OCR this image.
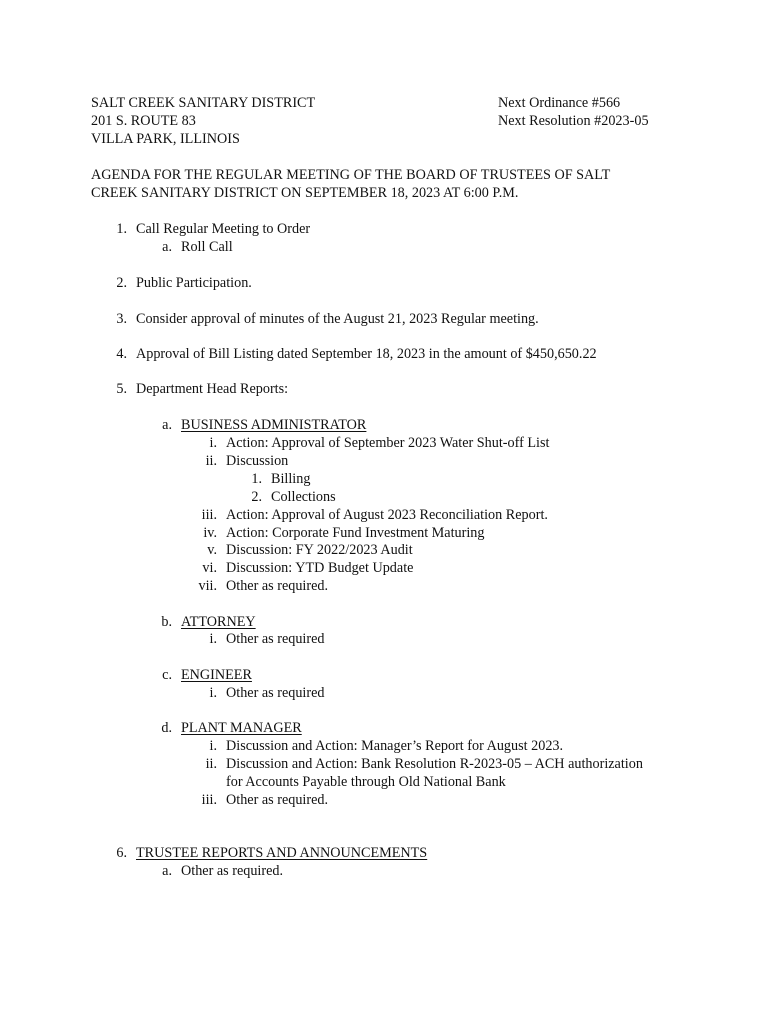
SALT CREEK SANITARY DISTRICT
201 S. ROUTE 83
VILLA PARK, ILLINOIS
Next Ordinance #566
Next Resolution #2023-05
AGENDA FOR THE REGULAR MEETING OF THE BOARD OF TRUSTEES OF SALT
CREEK SANITARY DISTRICT ON SEPTEMBER 18, 2023 AT 6:00 P.M.
1. Call Regular Meeting to Order
a. Roll Call
2. Public Participation.
3. Consider approval of minutes of the August 21, 2023 Regular meeting.
4. Approval of Bill Listing dated September 18, 2023 in the amount of $450,650.22
5. Department Head Reports:
a. BUSINESS ADMINISTRATOR
i. Action: Approval of September 2023 Water Shut-off List
ii. Discussion
1. Billing
2. Collections
iii. Action: Approval of August 2023 Reconciliation Report.
iv. Action: Corporate Fund Investment Maturing
v. Discussion: FY 2022/2023 Audit
vi. Discussion: YTD Budget Update
vii. Other as required.
b. ATTORNEY
i. Other as required
c. ENGINEER
i. Other as required
d. PLANT MANAGER
i. Discussion and Action: Manager’s Report for August 2023.
ii. Discussion and Action: Bank Resolution R-2023-05 – ACH authorization
for Accounts Payable through Old National Bank
iii. Other as required.
6. TRUSTEE REPORTS AND ANNOUNCEMENTS
a. Other as required.
